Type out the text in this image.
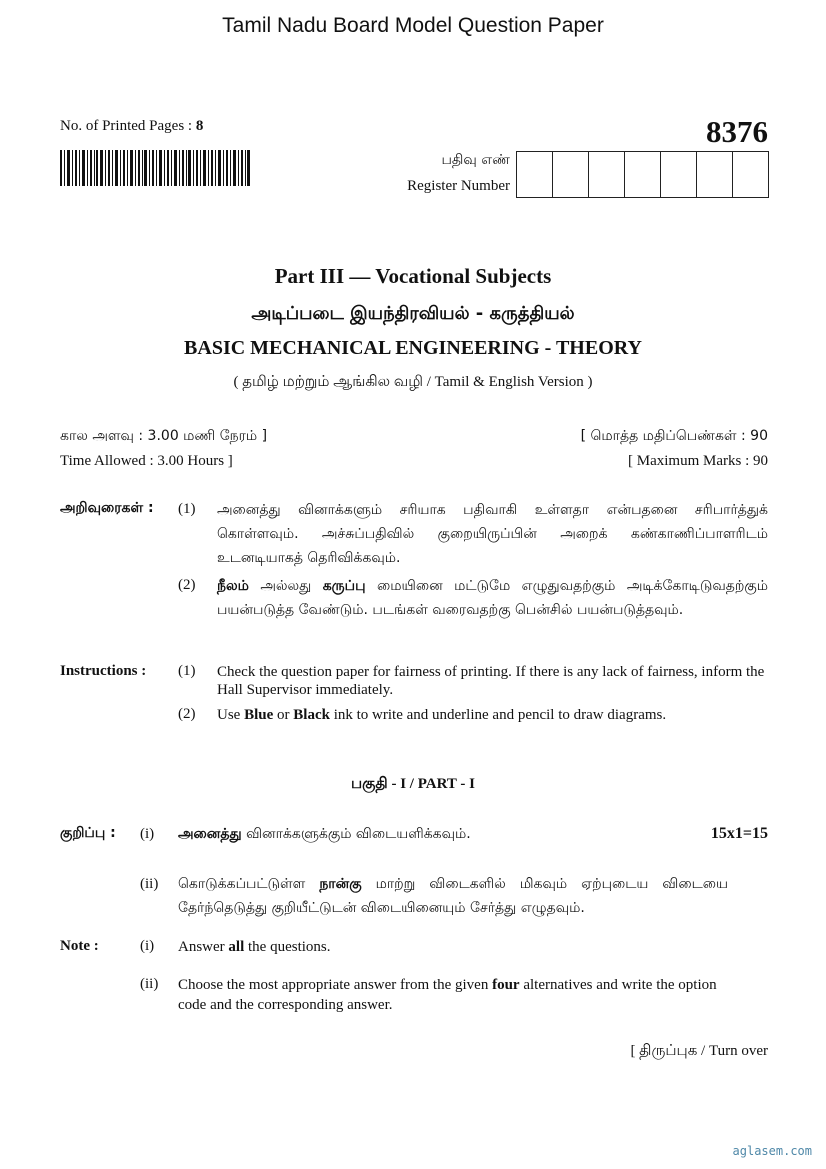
Tamil Nadu Board Model Question Paper
No. of Printed Pages : 8	8376
பதிவு எண்
Register Number
Part III — Vocational Subjects
அடிப்படை இயந்திரவியல் - கருத்தியல்
BASIC MECHANICAL ENGINEERING - THEORY
( தமிழ் மற்றும் ஆங்கில வழி / Tamil & English Version )
கால அளவு : 3.00 மணி நேரம் ]
Time Allowed : 3.00 Hours ]
[ மொத்த மதிப்பெண்கள் : 90
[ Maximum Marks : 90
அறிவுரைகள் : (1) அனைத்து வினாக்களும் சரியாக பதிவாகி உள்ளதா என்பதனை சரிபார்த்துக் கொள்ளவும். அச்சுப்பதிவில் குறையிருப்பின் அறைக் கண்காணிப்பாளரிடம் உடனடியாகத் தெரிவிக்கவும்.
(2) நீலம் அல்லது கருப்பு மையினை மட்டுமே எழுதுவதற்கும் அடிக்கோடிடுவதற்கும் பயன்படுத்த வேண்டும். படங்கள் வரைவதற்கு பென்சில் பயன்படுத்தவும்.
Instructions : (1) Check the question paper for fairness of printing. If there is any lack of fairness, inform the Hall Supervisor immediately.
(2) Use Blue or Black ink to write and underline and pencil to draw diagrams.
பகுதி - I / PART - I
குறிப்பு : (i) அனைத்து வினாக்களுக்கும் விடையளிக்கவும்.	15x1=15
(ii) கொடுக்கப்பட்டுள்ள நான்கு மாற்று விடைகளில் மிகவும் ஏற்புடைய விடையை தேர்ந்தெடுத்து குறியீட்டுடன் விடையினையும் சேர்த்து எழுதவும்.
Note :	(i) Answer all the questions.
(ii) Choose the most appropriate answer from the given four alternatives and write the option code and the corresponding answer.
[ திருப்புக / Turn over
aglasem.com
